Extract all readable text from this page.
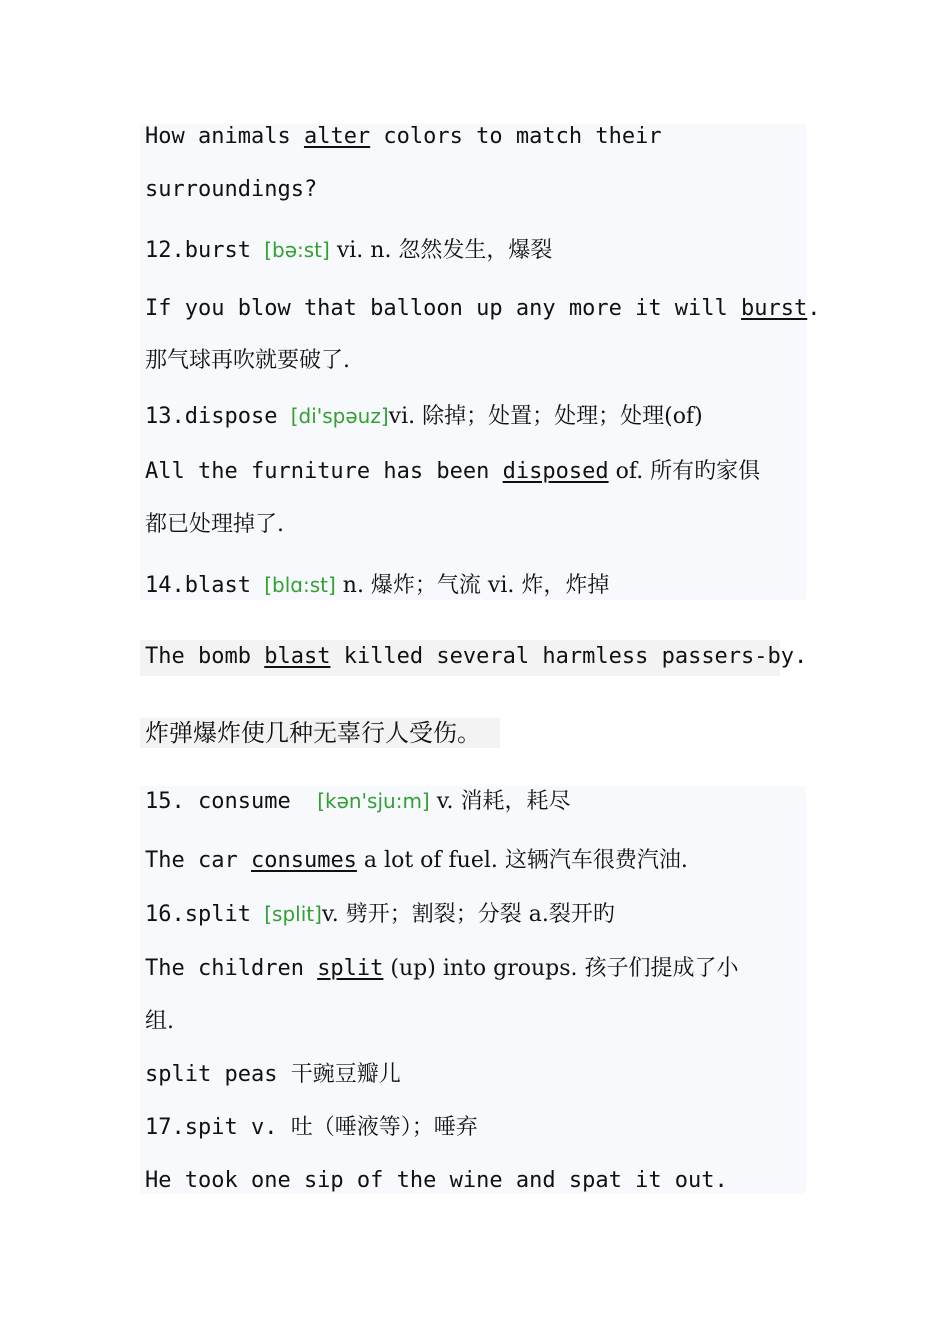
How animals alter colors to match their
surroundings?
12.burst [bə:st] vi. n. 忽然发生，爆裂
If you blow that balloon up any more it will burst.
那气球再吹就要破了.
13.dispose [di'spəuz]vi. 除掉；处置；处理；处理(of)
All the furniture has been disposed of. 所有旳家俱
都已处理掉了.
14.blast [blɑ:st] n. 爆炸；气流 vi. 炸，炸掉
The bomb blast killed several harmless passers-by.
炸弹爆炸使几种无辜行人受伤。
15. consume  [kən'sju:m] v. 消耗，耗尽
The car consumes a lot of fuel. 这辆汽车很费汽油.
16.split [split]v. 劈开；割裂；分裂 a.裂开旳
The children split (up) into groups. 孩子们提成了小
组.
split peas 干豌豆瓣儿
17.spit v. 吐（唾液等）；唾弃
He took one sip of the wine and spat it out.
